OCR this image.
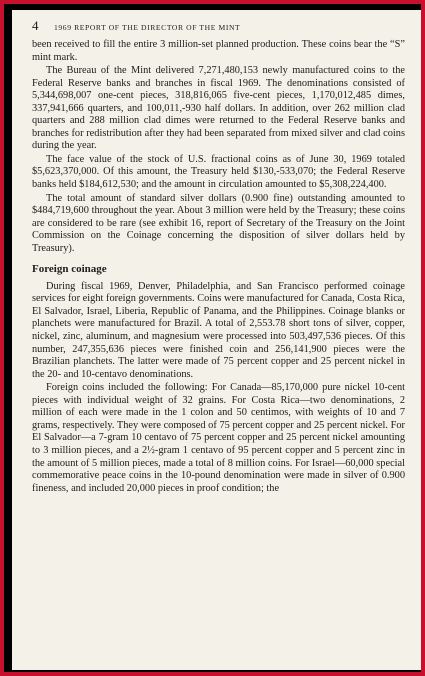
4	1969 REPORT OF THE DIRECTOR OF THE MINT

been received to fill the entire 3 million-set planned production. These coins bear the “S” mint mark.

The Bureau of the Mint delivered 7,271,480,153 newly manufactured coins to the Federal Reserve banks and branches in fiscal 1969. The denominations consisted of 5,344,698,007 one-cent pieces, 318,816,065 five-cent pieces, 1,170,012,485 dimes, 337,941,666 quarters, and 100,011,-930 half dollars. In addition, over 262 million clad quarters and 288 million clad dimes were returned to the Federal Reserve banks and branches for redistribution after they had been separated from mixed silver and clad coins during the year.

The face value of the stock of U.S. fractional coins as of June 30, 1969 totaled $5,623,370,000. Of this amount, the Treasury held $130,-533,070; the Federal Reserve banks held $184,612,530; and the amount in circulation amounted to $5,308,224,400.

The total amount of standard silver dollars (0.900 fine) outstanding amounted to $484,719,600 throughout the year. About 3 million were held by the Treasury; these coins are considered to be rare (see exhibit 16, report of Secretary of the Treasury on the Joint Commission on the Coinage concerning the disposition of silver dollars held by Treasury).

Foreign coinage

During fiscal 1969, Denver, Philadelphia, and San Francisco performed coinage services for eight foreign governments. Coins were manufactured for Canada, Costa Rica, El Salvador, Israel, Liberia, Republic of Panama, and the Philippines. Coinage blanks or planchets were manufactured for Brazil. A total of 2,553.78 short tons of silver, copper, nickel, zinc, aluminum, and magnesium were processed into 503,497,536 pieces. Of this number, 247,355,636 pieces were finished coin and 256,141,900 pieces were the Brazilian planchets. The latter were made of 75 percent copper and 25 percent nickel in the 20- and 10-centavo denominations.

Foreign coins included the following: For Canada—85,170,000 pure nickel 10-cent pieces with individual weight of 32 grains. For Costa Rica—two denominations, 2 million of each were made in the 1 colon and 50 centimos, with weights of 10 and 7 grams, respectively. They were composed of 75 percent copper and 25 percent nickel. For El Salvador—a 7-gram 10 centavo of 75 percent copper and 25 percent nickel amounting to 3 million pieces, and a 2½-gram 1 centavo of 95 percent copper and 5 percent zinc in the amount of 5 million pieces, made a total of 8 million coins. For Israel—60,000 special commemorative peace coins in the 10-pound denomination were made in silver of 0.900 fineness, and included 20,000 pieces in proof condition; the
